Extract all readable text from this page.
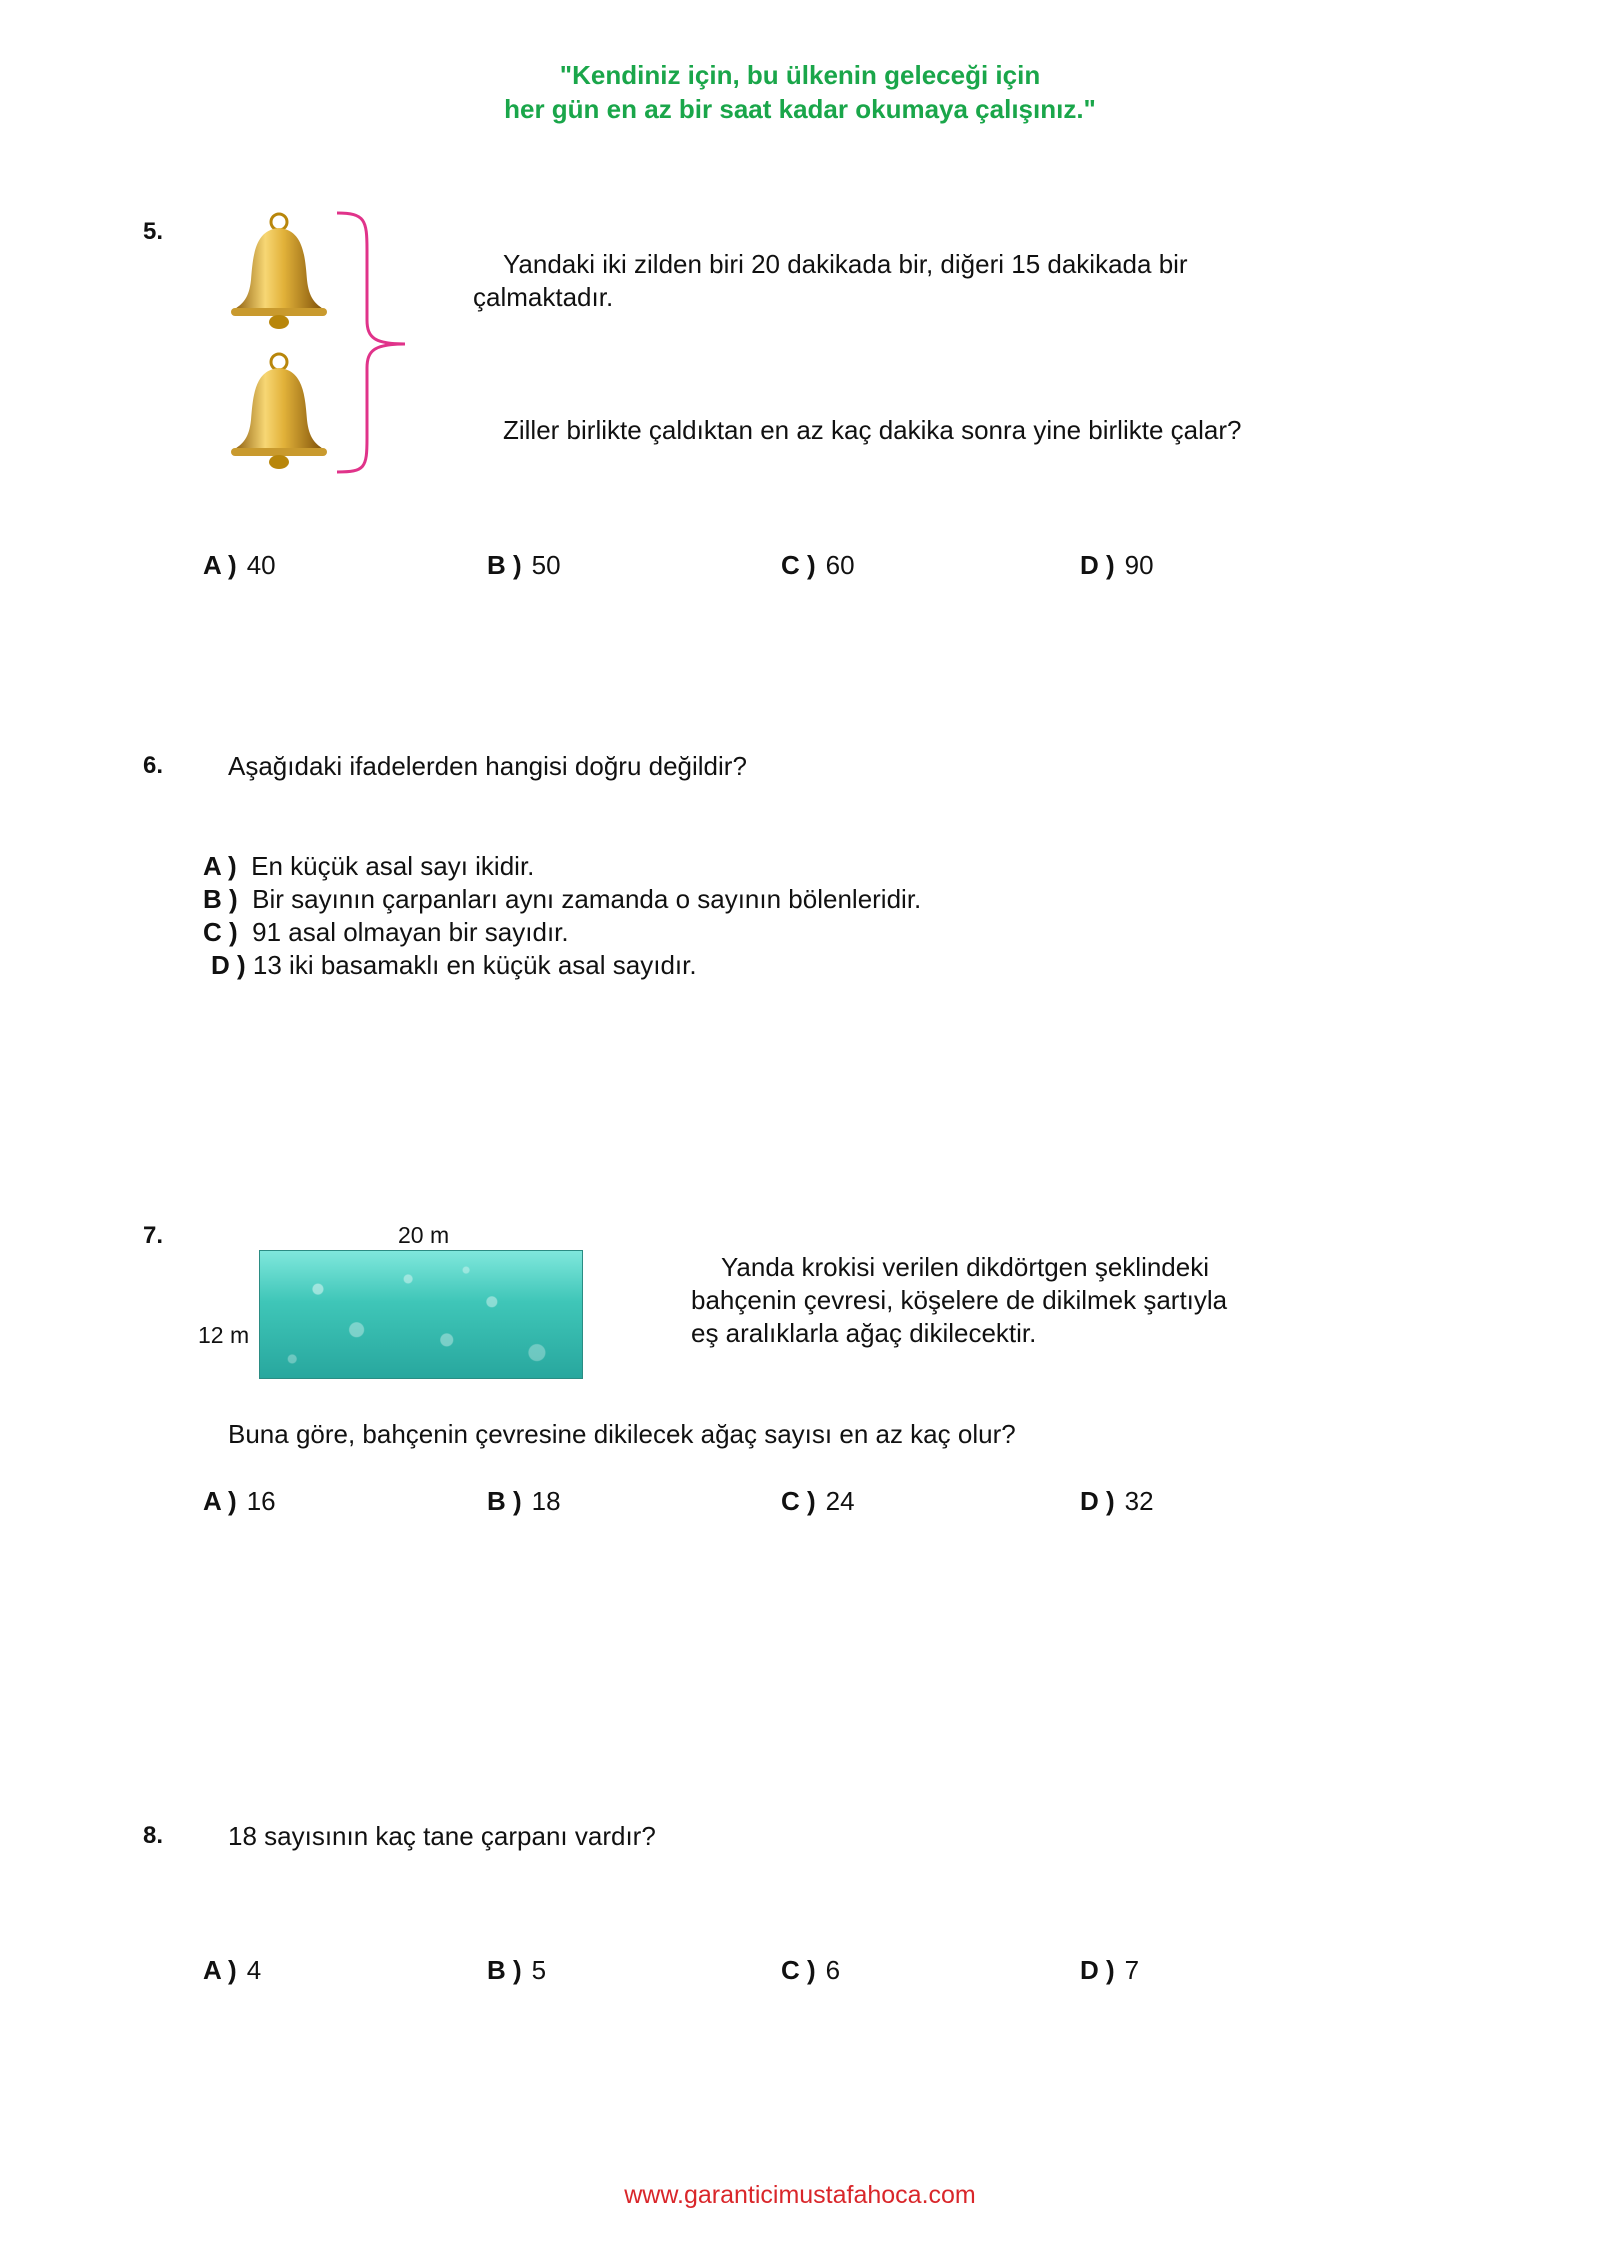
"Kendiniz için, bu ülkenin geleceği için
her gün en az bir saat kadar okumaya çalışınız."
5.
Yandaki iki zilden biri 20 dakikada bir, diğeri 15 dakikada bir
çalmaktadır.
Ziller birlikte çaldıktan en az kaç dakika sonra yine birlikte çalar?
A ) 40	B ) 50	C ) 60	D ) 90
6. Aşağıdaki ifadelerden hangisi doğru değildir?
A ) En küçük asal sayı ikidir.
B ) Bir sayının çarpanları aynı zamanda o sayının bölenleridir.
C ) 91 asal olmayan bir sayıdır.
D ) 13 iki basamaklı en küçük asal sayıdır.
7.	20 m
12 m
Yanda krokisi verilen dikdörtgen şeklindeki
bahçenin çevresi, köşelere de dikilmek şartıyla
eş aralıklarla ağaç dikilecektir.
Buna göre, bahçenin çevresine dikilecek ağaç sayısı en az kaç olur?
A ) 16	B ) 18	C ) 24	D ) 32
8. 18 sayısının kaç tane çarpanı vardır?
A ) 4	B ) 5	C ) 6	D ) 7
www.garanticimustafahoca.com
